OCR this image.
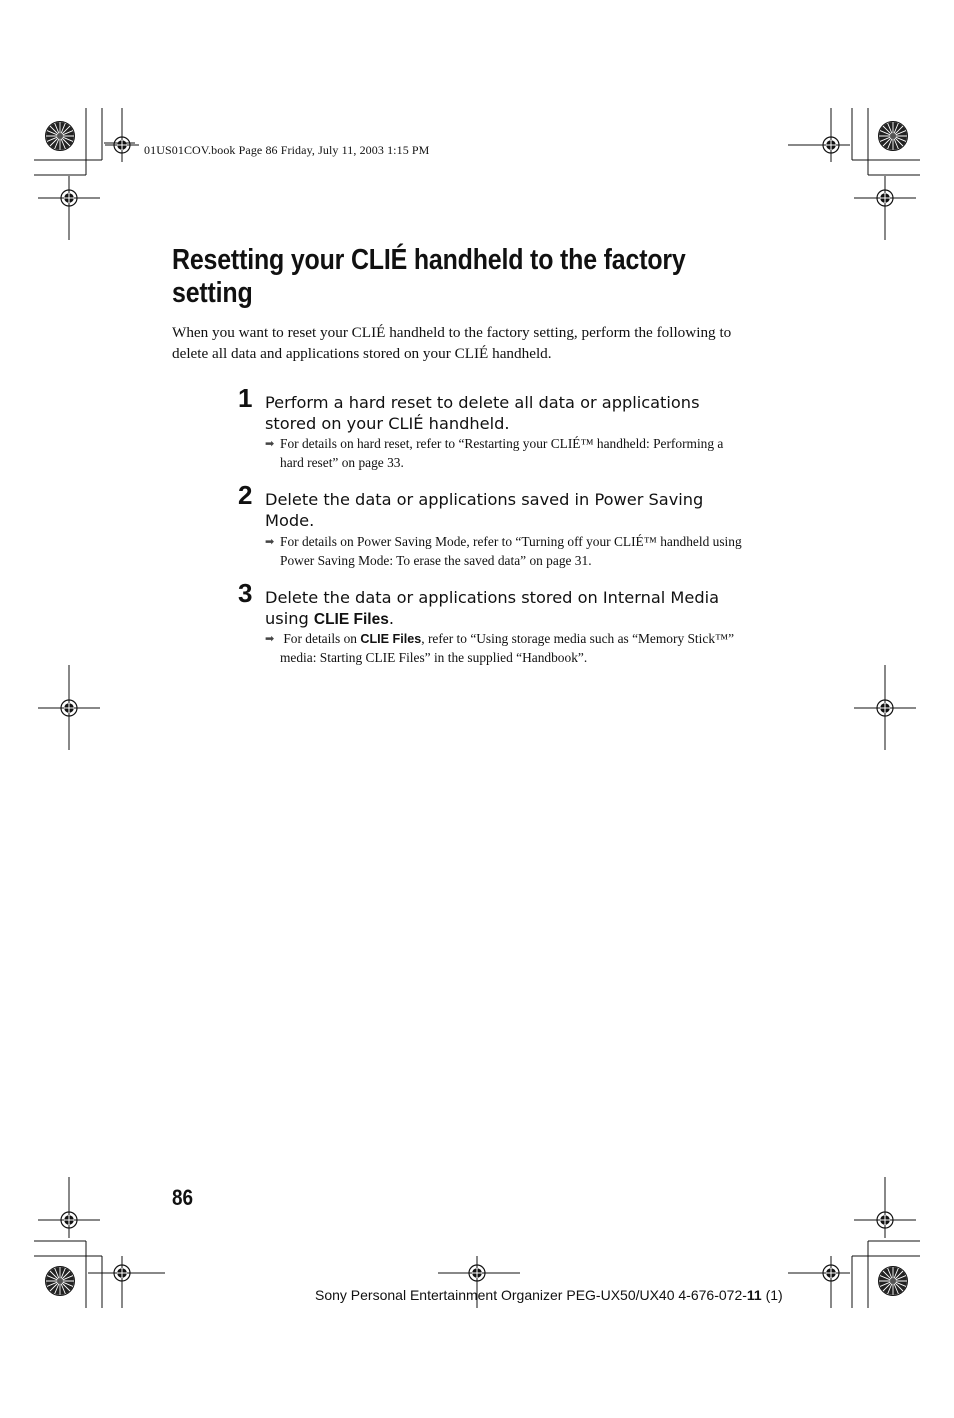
01US01COV.book Page 86 Friday, July 11, 2003 1:15 PM
Resetting your CLIÉ handheld to the factory setting

When you want to reset your CLIÉ handheld to the factory setting, perform the following to delete all data and applications stored on your CLIÉ handheld.

1 Perform a hard reset to delete all data or applications stored on your CLIÉ handheld.
➡ For details on hard reset, refer to “Restarting your CLIÉ™ handheld: Performing a hard reset” on page 33.
2 Delete the data or applications saved in Power Saving Mode.
➡ For details on Power Saving Mode, refer to “Turning off your CLIÉ™ handheld using Power Saving Mode: To erase the saved data” on page 31.
3 Delete the data or applications stored on Internal Media using CLIE Files.
➡ For details on CLIE Files, refer to “Using storage media such as “Memory Stick™” media: Starting CLIE Files” in the supplied “Handbook”.
86
Sony Personal Entertainment Organizer PEG-UX50/UX40 4-676-072-11 (1)
